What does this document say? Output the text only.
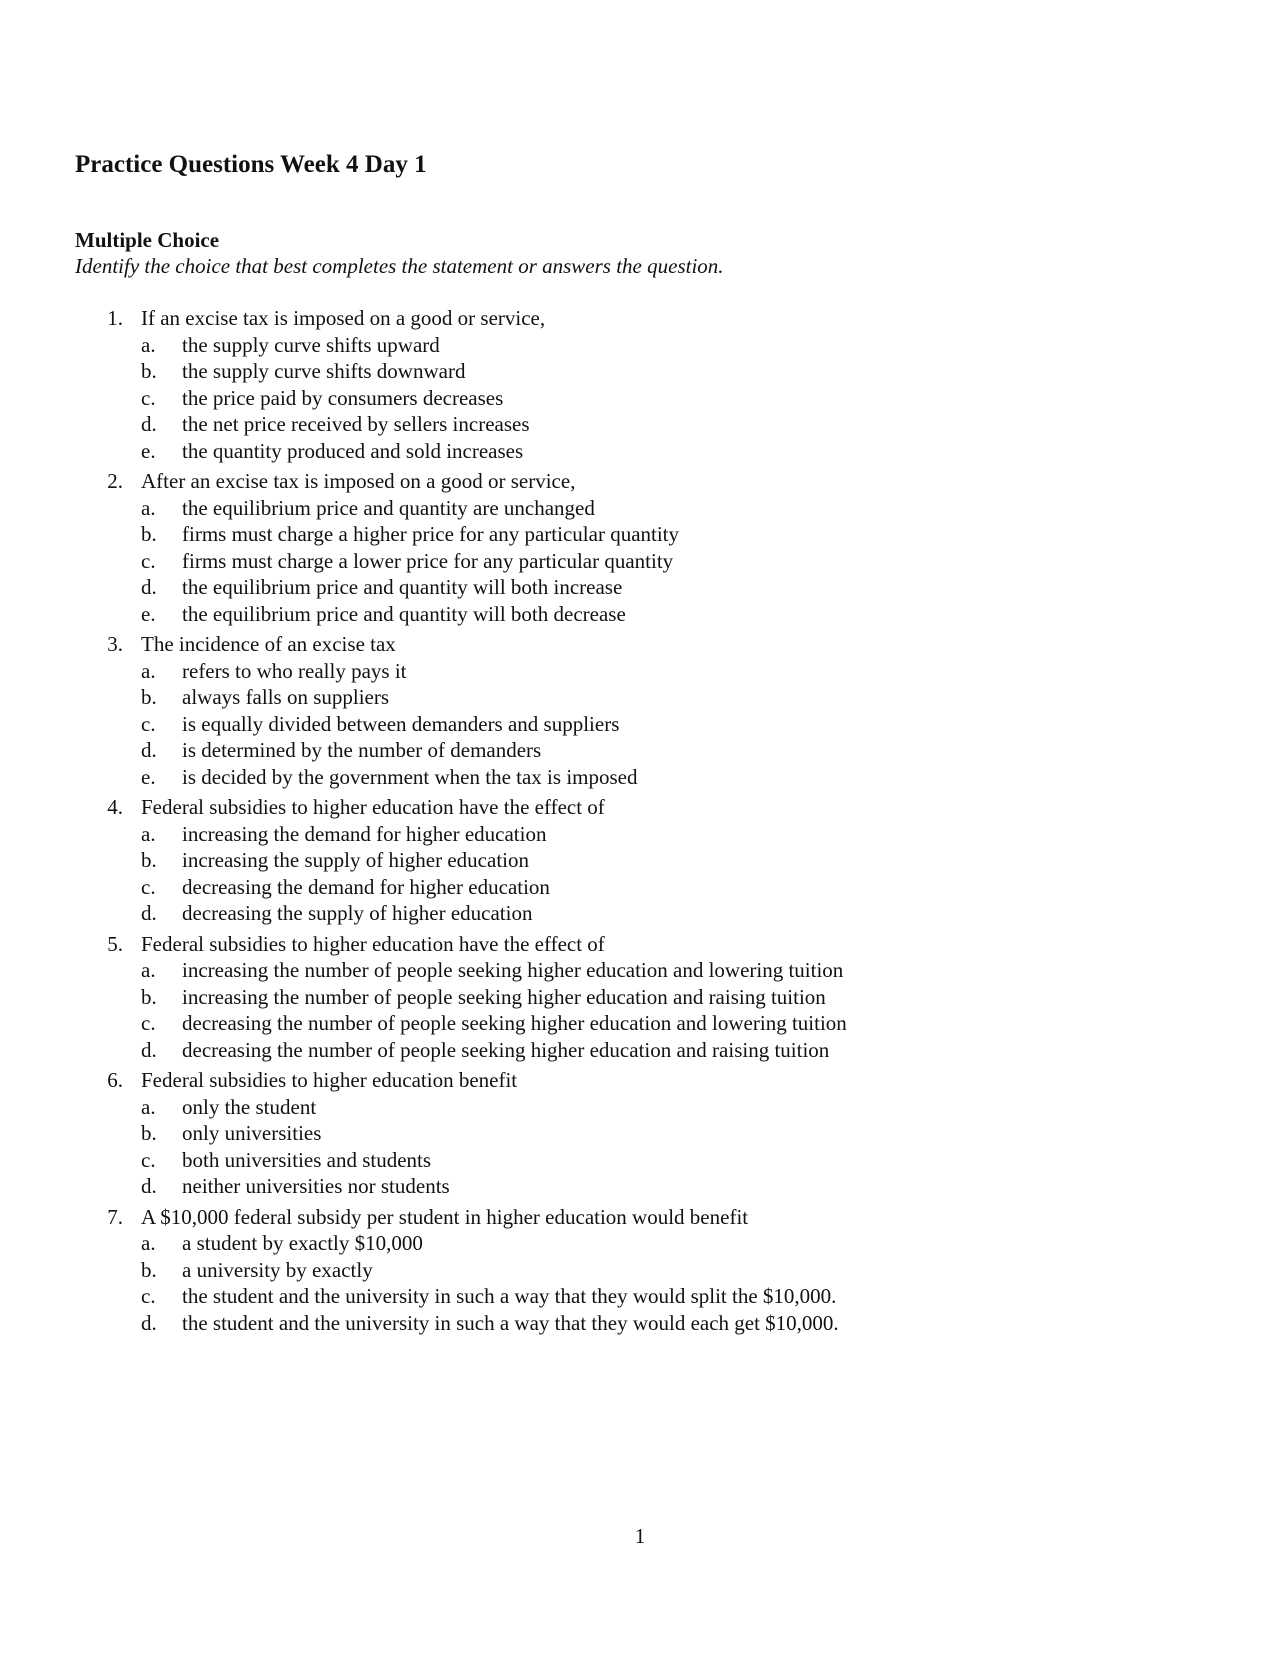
Practice Questions Week 4 Day 1
Multiple Choice

Identify the choice that best completes the statement or answers the question.

1. If an excise tax is imposed on a good or service,
a. the supply curve shifts upward
b. the supply curve shifts downward
c. the price paid by consumers decreases
d. the net price received by sellers increases
e. the quantity produced and sold increases
2. After an excise tax is imposed on a good or service,
a. the equilibrium price and quantity are unchanged
b. firms must charge a higher price for any particular quantity
c. firms must charge a lower price for any particular quantity
d. the equilibrium price and quantity will both increase
e. the equilibrium price and quantity will both decrease
3. The incidence of an excise tax
a. refers to who really pays it
b. always falls on suppliers
c. is equally divided between demanders and suppliers
d. is determined by the number of demanders
e. is decided by the government when the tax is imposed
4. Federal subsidies to higher education have the effect of
a. increasing the demand for higher education
b. increasing the supply of higher education
c. decreasing the demand for higher education
d. decreasing the supply of higher education
5. Federal subsidies to higher education have the effect of
a. increasing the number of people seeking higher education and lowering tuition
b. increasing the number of people seeking higher education and raising tuition
c. decreasing the number of people seeking higher education and lowering tuition
d. decreasing the number of people seeking higher education and raising tuition
6. Federal subsidies to higher education benefit
a. only the student
b. only universities
c. both universities and students
d. neither universities nor students
7. A $10,000 federal subsidy per student in higher education would benefit
a. a student by exactly $10,000
b. a university by exactly
c. the student and the university in such a way that they would split the $10,000.
d. the student and the university in such a way that they would each get $10,000.
1
